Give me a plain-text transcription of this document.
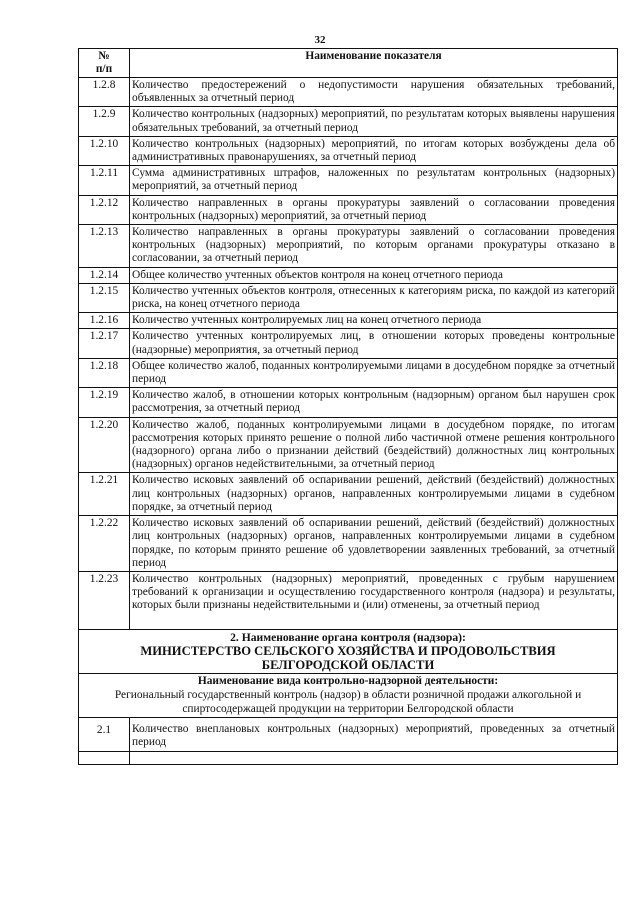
32
№
п/п	Наименование показателя
1.2.8	Количество предостережений о недопустимости нарушения обязательных требований, объявленных за отчетный период
1.2.9	Количество контрольных (надзорных) мероприятий, по результатам которых выявлены нарушения обязательных требований, за отчетный период
1.2.10	Количество контрольных (надзорных) мероприятий, по итогам которых возбуждены дела об административных правонарушениях, за отчетный период
1.2.11	Сумма административных штрафов, наложенных по результатам контрольных (надзорных) мероприятий, за отчетный период
1.2.12	Количество направленных в органы прокуратуры заявлений о согласовании проведения контрольных (надзорных) мероприятий, за отчетный период
1.2.13	Количество направленных в органы прокуратуры заявлений о согласовании проведения контрольных (надзорных) мероприятий, по которым органами прокуратуры отказано в согласовании, за отчетный период
1.2.14	Общее количество учтенных объектов контроля на конец отчетного периода
1.2.15	Количество учтенных объектов контроля, отнесенных к категориям риска, по каждой из категорий риска, на конец отчетного периода
1.2.16	Количество учтенных контролируемых лиц на конец отчетного периода
1.2.17	Количество учтенных контролируемых лиц, в отношении которых проведены контрольные (надзорные) мероприятия, за отчетный период
1.2.18	Общее количество жалоб, поданных контролируемыми лицами в досудебном порядке за отчетный период
1.2.19	Количество жалоб, в отношении которых контрольным (надзорным) органом был нарушен срок рассмотрения, за отчетный период
1.2.20	Количество жалоб, поданных контролируемыми лицами в досудебном порядке, по итогам рассмотрения которых принято решение о полной либо частичной отмене решения контрольного (надзорного) органа либо о признании действий (бездействий) должностных лиц контрольных (надзорных) органов недействительными, за отчетный период
1.2.21	Количество исковых заявлений об оспаривании решений, действий (бездействий) должностных лиц контрольных (надзорных) органов, направленных контролируемыми лицами в судебном порядке, за отчетный период
1.2.22	Количество исковых заявлений об оспаривании решений, действий (бездействий) должностных лиц контрольных (надзорных) органов, направленных контролируемыми лицами в судебном порядке, по которым принято решение об удовлетворении заявленных требований, за отчетный период
1.2.23	Количество контрольных (надзорных) мероприятий, проведенных с грубым нарушением требований к организации и осуществлению государственного контроля (надзора) и результаты, которых были признаны недействительными и (или) отменены, за отчетный период

2. Наименование органа контроля (надзора):
МИНИСТЕРСТВО СЕЛЬСКОГО ХОЗЯЙСТВА И ПРОДОВОЛЬСТВИЯ
БЕЛГОРОДСКОЙ ОБЛАСТИ	

Наименование вида контрольно-надзорной деятельности:
Региональный государственный контроль (надзор) в области розничной продажи алкогольной и спиртосодержащей продукции на территории Белгородской области	

2.1	Количество внеплановых контрольных (надзорных) мероприятий, проведенных за отчетный период
